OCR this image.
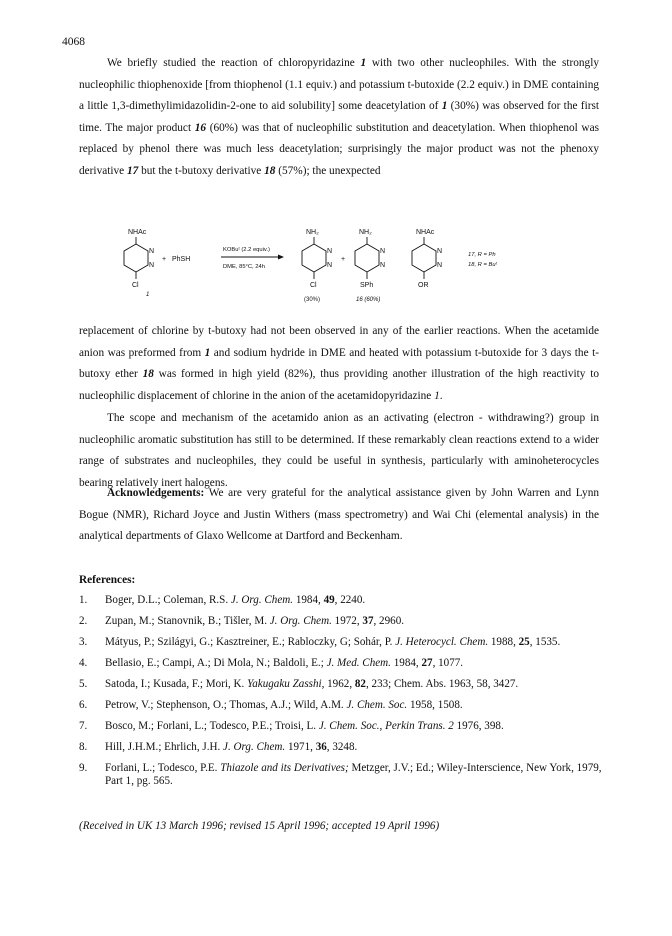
4068

We briefly studied the reaction of chloropyridazine 1 with two other nucleophiles. With the strongly nucleophilic thiophenoxide [from thiophenol (1.1 equiv.) and potassium t-butoxide (2.2 equiv.) in DME containing a little 1,3-dimethylimidazolidin-2-one to aid solubility] some deacetylation of 1 (30%) was observed for the first time. The major product 16 (60%) was that of nucleophilic substitution and deacetylation. When thiophenol was replaced by phenol there was much less deacetylation; surprisingly the major product was not the phenoxy derivative 17 but the t-butoxy derivative 18 (57%); the unexpected

NHAc
N
N
Cl
1
+ PhSH
KOBuᵗ (2.2 equiv.)
DME, 85°C, 24h
NH₂
N
N
Cl
(30%)
+
NH₂
N
N
SPh
16 (60%)
NHAc
N
N
OR
17, R = Ph
18, R = Buᵗ

replacement of chlorine by t-butoxy had not been observed in any of the earlier reactions. When the acetamide anion was preformed from 1 and sodium hydride in DME and heated with potassium t-butoxide for 3 days the t-butoxy ether 18 was formed in high yield (82%), thus providing another illustration of the high reactivity to nucleophilic displacement of chlorine in the anion of the acetamidopyridazine 1.

The scope and mechanism of the acetamido anion as an activating (electron - withdrawing?) group in nucleophilic aromatic substitution has still to be determined. If these remarkably clean reactions extend to a wider range of substrates and nucleophiles, they could be useful in synthesis, particularly with aminoheterocycles bearing relatively inert halogens.

Acknowledgements: We are very grateful for the analytical assistance given by John Warren and Lynn Bogue (NMR), Richard Joyce and Justin Withers (mass spectrometry) and Wai Chi (elemental analysis) in the analytical departments of Glaxo Wellcome at Dartford and Beckenham.

References:
1.	Boger, D.L.; Coleman, R.S. J. Org. Chem. 1984, 49, 2240.
2.	Zupan, M.; Stanovnik, B.; Tišler, M. J. Org. Chem. 1972, 37, 2960.
3.	Mátyus, P.; Szilágyi, G.; Kasztreiner, E.; Rabloczky, G; Sohár, P. J. Heterocycl. Chem. 1988, 25, 1535.
4.	Bellasio, E.; Campi, A.; Di Mola, N.; Baldoli, E.; J. Med. Chem. 1984, 27, 1077.
5.	Satoda, I.; Kusada, F.; Mori, K. Yakugaku Zasshi, 1962, 82, 233; Chem. Abs. 1963, 58, 3427.
6.	Petrow, V.; Stephenson, O.; Thomas, A.J.; Wild, A.M. J. Chem. Soc. 1958, 1508.
7.	Bosco, M.; Forlani, L.; Todesco, P.E.; Troisi, L. J. Chem. Soc., Perkin Trans. 2 1976, 398.
8.	Hill, J.H.M.; Ehrlich, J.H. J. Org. Chem. 1971, 36, 3248.
9.	Forlani, L.; Todesco, P.E. Thiazole and its Derivatives; Metzger, J.V.; Ed.; Wiley-Interscience, New York, 1979, Part 1, pg. 565.
(Received in UK 13 March 1996; revised 15 April 1996; accepted 19 April 1996)
